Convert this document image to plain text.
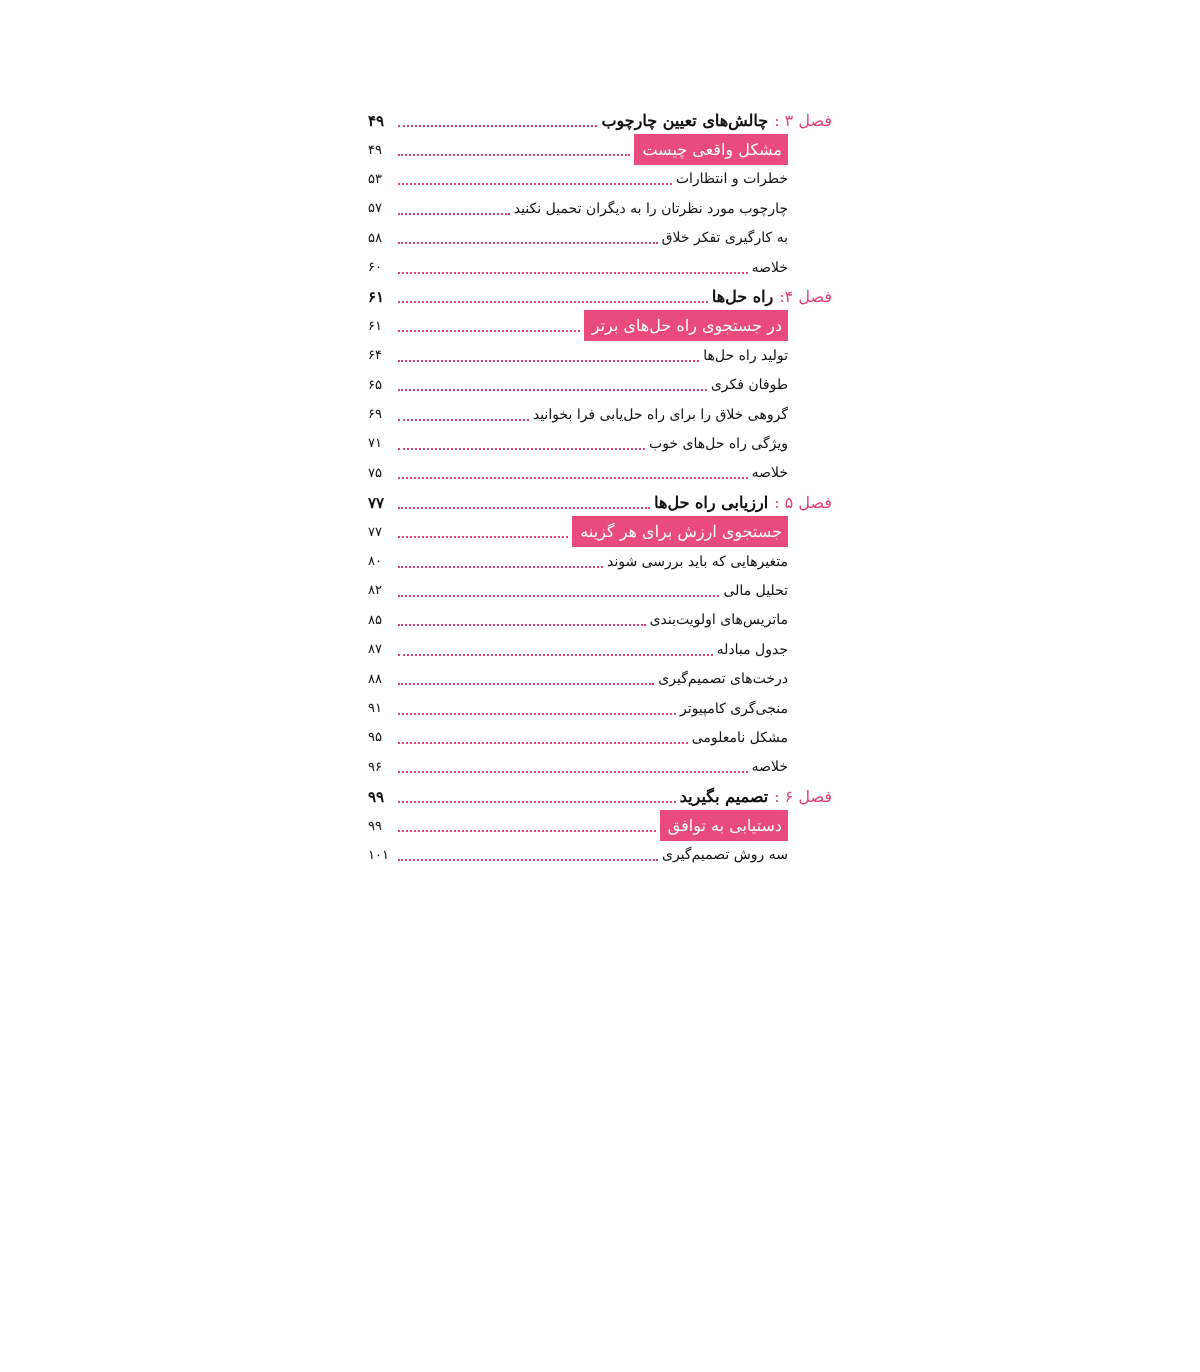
فصل ۳ :چالش‌های تعیین چارچوب
۴۹
مشکل واقعی چیست
۴۹
خطرات و انتظارات
۵۳
چارچوب مورد نظرتان را به دیگران تحمیل نکنید
۵۷
به کارگیری تفکر خلاق
۵۸
خلاصه
۶۰
فصل ۴:راه حل‌ها
۶۱
در جستجوی راه حل‌های برتر
۶۱
تولید راه حل‌ها
۶۴
طوفان فکری
۶۵
گروهی خلاق را برای راه حل‌یابی فرا بخوانید
۶۹
ویژگی راه حل‌های خوب
۷۱
خلاصه
۷۵
فصل ۵ :ارزیابی راه حل‌ها
۷۷
جستجوی ارزش برای هر گزینه
۷۷
متغیرهایی که باید بررسی شوند
۸۰
تحلیل مالی
۸۲
ماتریس‌های اولویت‌بندی
۸۵
جدول مبادله
۸۷
درخت‌های تصمیم‌گیری
۸۸
منجی‌گری کامپیوتر
۹۱
مشکل نامعلومی
۹۵
خلاصه
۹۶
فصل ۶ :تصمیم بگیرید
۹۹
دستیابی به توافق
۹۹
سه روش تصمیم‌گیری
۱۰۱
